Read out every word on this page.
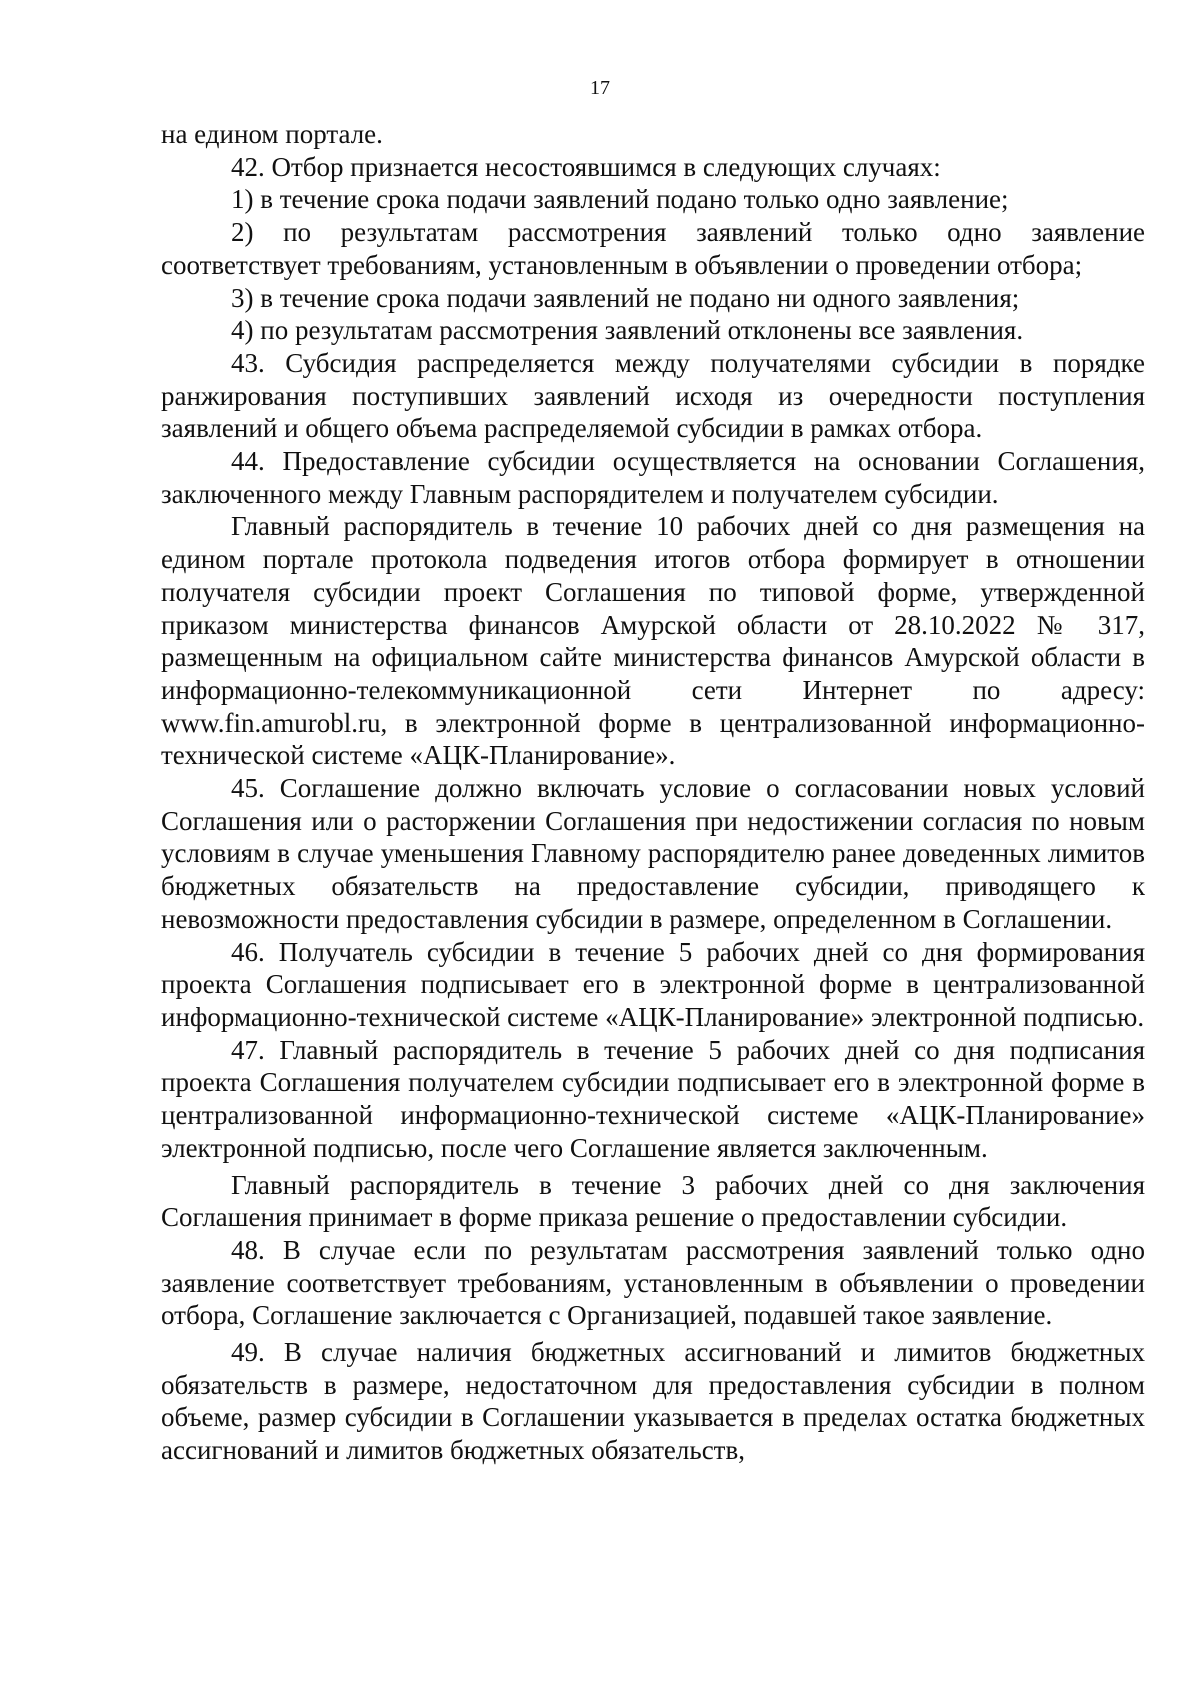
17

на едином портале.

42. Отбор признается несостоявшимся в следующих случаях:

1) в течение срока подачи заявлений подано только одно заявление;

2) по результатам рассмотрения заявлений только одно заявление соответствует требованиям, установленным в объявлении о проведении отбора;

3) в течение срока подачи заявлений не подано ни одного заявления;

4) по результатам рассмотрения заявлений отклонены все заявления.

43. Субсидия распределяется между получателями субсидии в порядке ранжирования поступивших заявлений исходя из очередности поступления заявлений и общего объема распределяемой субсидии в рамках отбора.

44. Предоставление субсидии осуществляется на основании Соглашения, заключенного между Главным распорядителем и получателем субсидии.

Главный распорядитель в течение 10 рабочих дней со дня размещения на едином портале протокола подведения итогов отбора формирует в отношении получателя субсидии проект Соглашения по типовой форме, утвержденной приказом министерства финансов Амурской области от 28.10.2022 № 317, размещенным на официальном сайте министерства финансов Амурской области в информационно-телекоммуникационной сети Интернет по адресу: www.fin.amurobl.ru, в электронной форме в централизованной информационно-технической системе «АЦК-Планирование».

45. Соглашение должно включать условие о согласовании новых условий Соглашения или о расторжении Соглашения при недостижении согласия по новым условиям в случае уменьшения Главному распорядителю ранее доведенных лимитов бюджетных обязательств на предоставление субсидии, приводящего к невозможности предоставления субсидии в размере, определенном в Соглашении.

46. Получатель субсидии в течение 5 рабочих дней со дня формирования проекта Соглашения подписывает его в электронной форме в централизованной информационно-технической системе «АЦК-Планирование» электронной подписью.

47. Главный распорядитель в течение 5 рабочих дней со дня подписания проекта Соглашения получателем субсидии подписывает его в электронной форме в централизованной информационно-технической системе «АЦК-Планирование» электронной подписью, после чего Соглашение является заключенным.

Главный распорядитель в течение 3 рабочих дней со дня заключения Соглашения принимает в форме приказа решение о предоставлении субсидии.

48. В случае если по результатам рассмотрения заявлений только одно заявление соответствует требованиям, установленным в объявлении о проведении отбора, Соглашение заключается с Организацией, подавшей такое заявление.

49. В случае наличия бюджетных ассигнований и лимитов бюджетных обязательств в размере, недостаточном для предоставления субсидии в полном объеме, размер субсидии в Соглашении указывается в пределах остатка бюджетных ассигнований и лимитов бюджетных обязательств,
